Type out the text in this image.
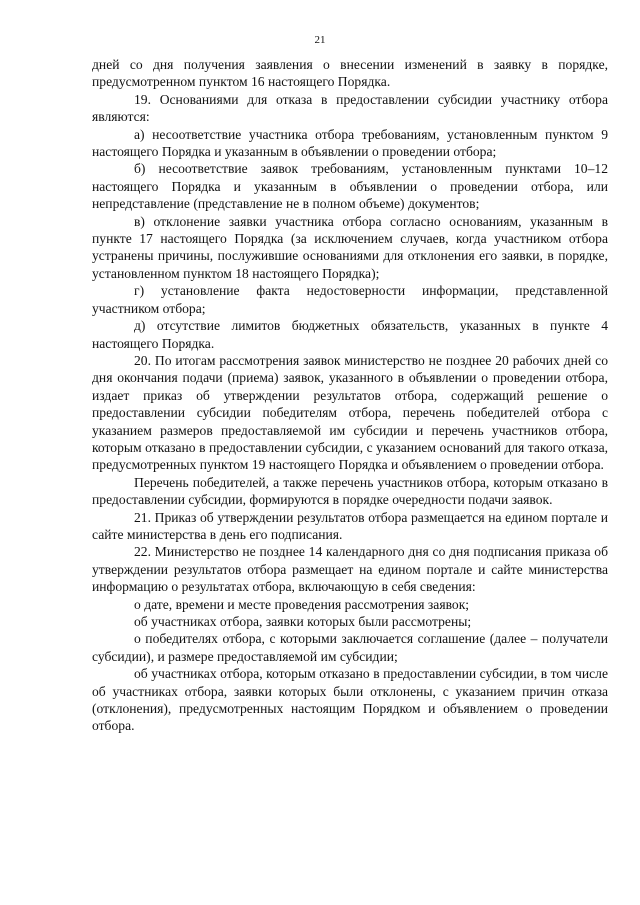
21

дней со дня получения заявления о внесении изменений в заявку в порядке, предусмотренном пунктом 16 настоящего Порядка.

19. Основаниями для отказа в предоставлении субсидии участнику отбора являются:

а) несоответствие участника отбора требованиям, установленным пунктом 9 настоящего Порядка и указанным в объявлении о проведении отбора;

б) несоответствие заявок требованиям, установленным пунктами 10–12 настоящего Порядка и указанным в объявлении о проведении отбора, или непредставление (представление не в полном объеме) документов;

в) отклонение заявки участника отбора согласно основаниям, указанным в пункте 17 настоящего Порядка (за исключением случаев, когда участником отбора устранены причины, послужившие основаниями для отклонения его заявки, в порядке, установленном пунктом 18 настоящего Порядка);

г) установление факта недостоверности информации, представленной участником отбора;

д) отсутствие лимитов бюджетных обязательств, указанных в пункте 4 настоящего Порядка.

20. По итогам рассмотрения заявок министерство не позднее 20 рабочих дней со дня окончания подачи (приема) заявок, указанного в объявлении о проведении отбора, издает приказ об утверждении результатов отбора, содержащий решение о предоставлении субсидии победителям отбора, перечень победителей отбора с указанием размеров предоставляемой им субсидии и перечень участников отбора, которым отказано в предоставлении субсидии, с указанием оснований для такого отказа, предусмотренных пунктом 19 настоящего Порядка и объявлением о проведении отбора.

Перечень победителей, а также перечень участников отбора, которым отказано в предоставлении субсидии, формируются в порядке очередности подачи заявок.

21. Приказ об утверждении результатов отбора размещается на едином портале и сайте министерства в день его подписания.

22. Министерство не позднее 14 календарного дня со дня подписания приказа об утверждении результатов отбора размещает на едином портале и сайте министерства информацию о результатах отбора, включающую в себя сведения:

о дате, времени и месте проведения рассмотрения заявок;

об участниках отбора, заявки которых были рассмотрены;

о победителях отбора, с которыми заключается соглашение (далее – получатели субсидии), и размере предоставляемой им субсидии;

об участниках отбора, которым отказано в предоставлении субсидии, в том числе об участниках отбора, заявки которых были отклонены, с указанием причин отказа (отклонения), предусмотренных настоящим Порядком и объявлением о проведении отбора.
